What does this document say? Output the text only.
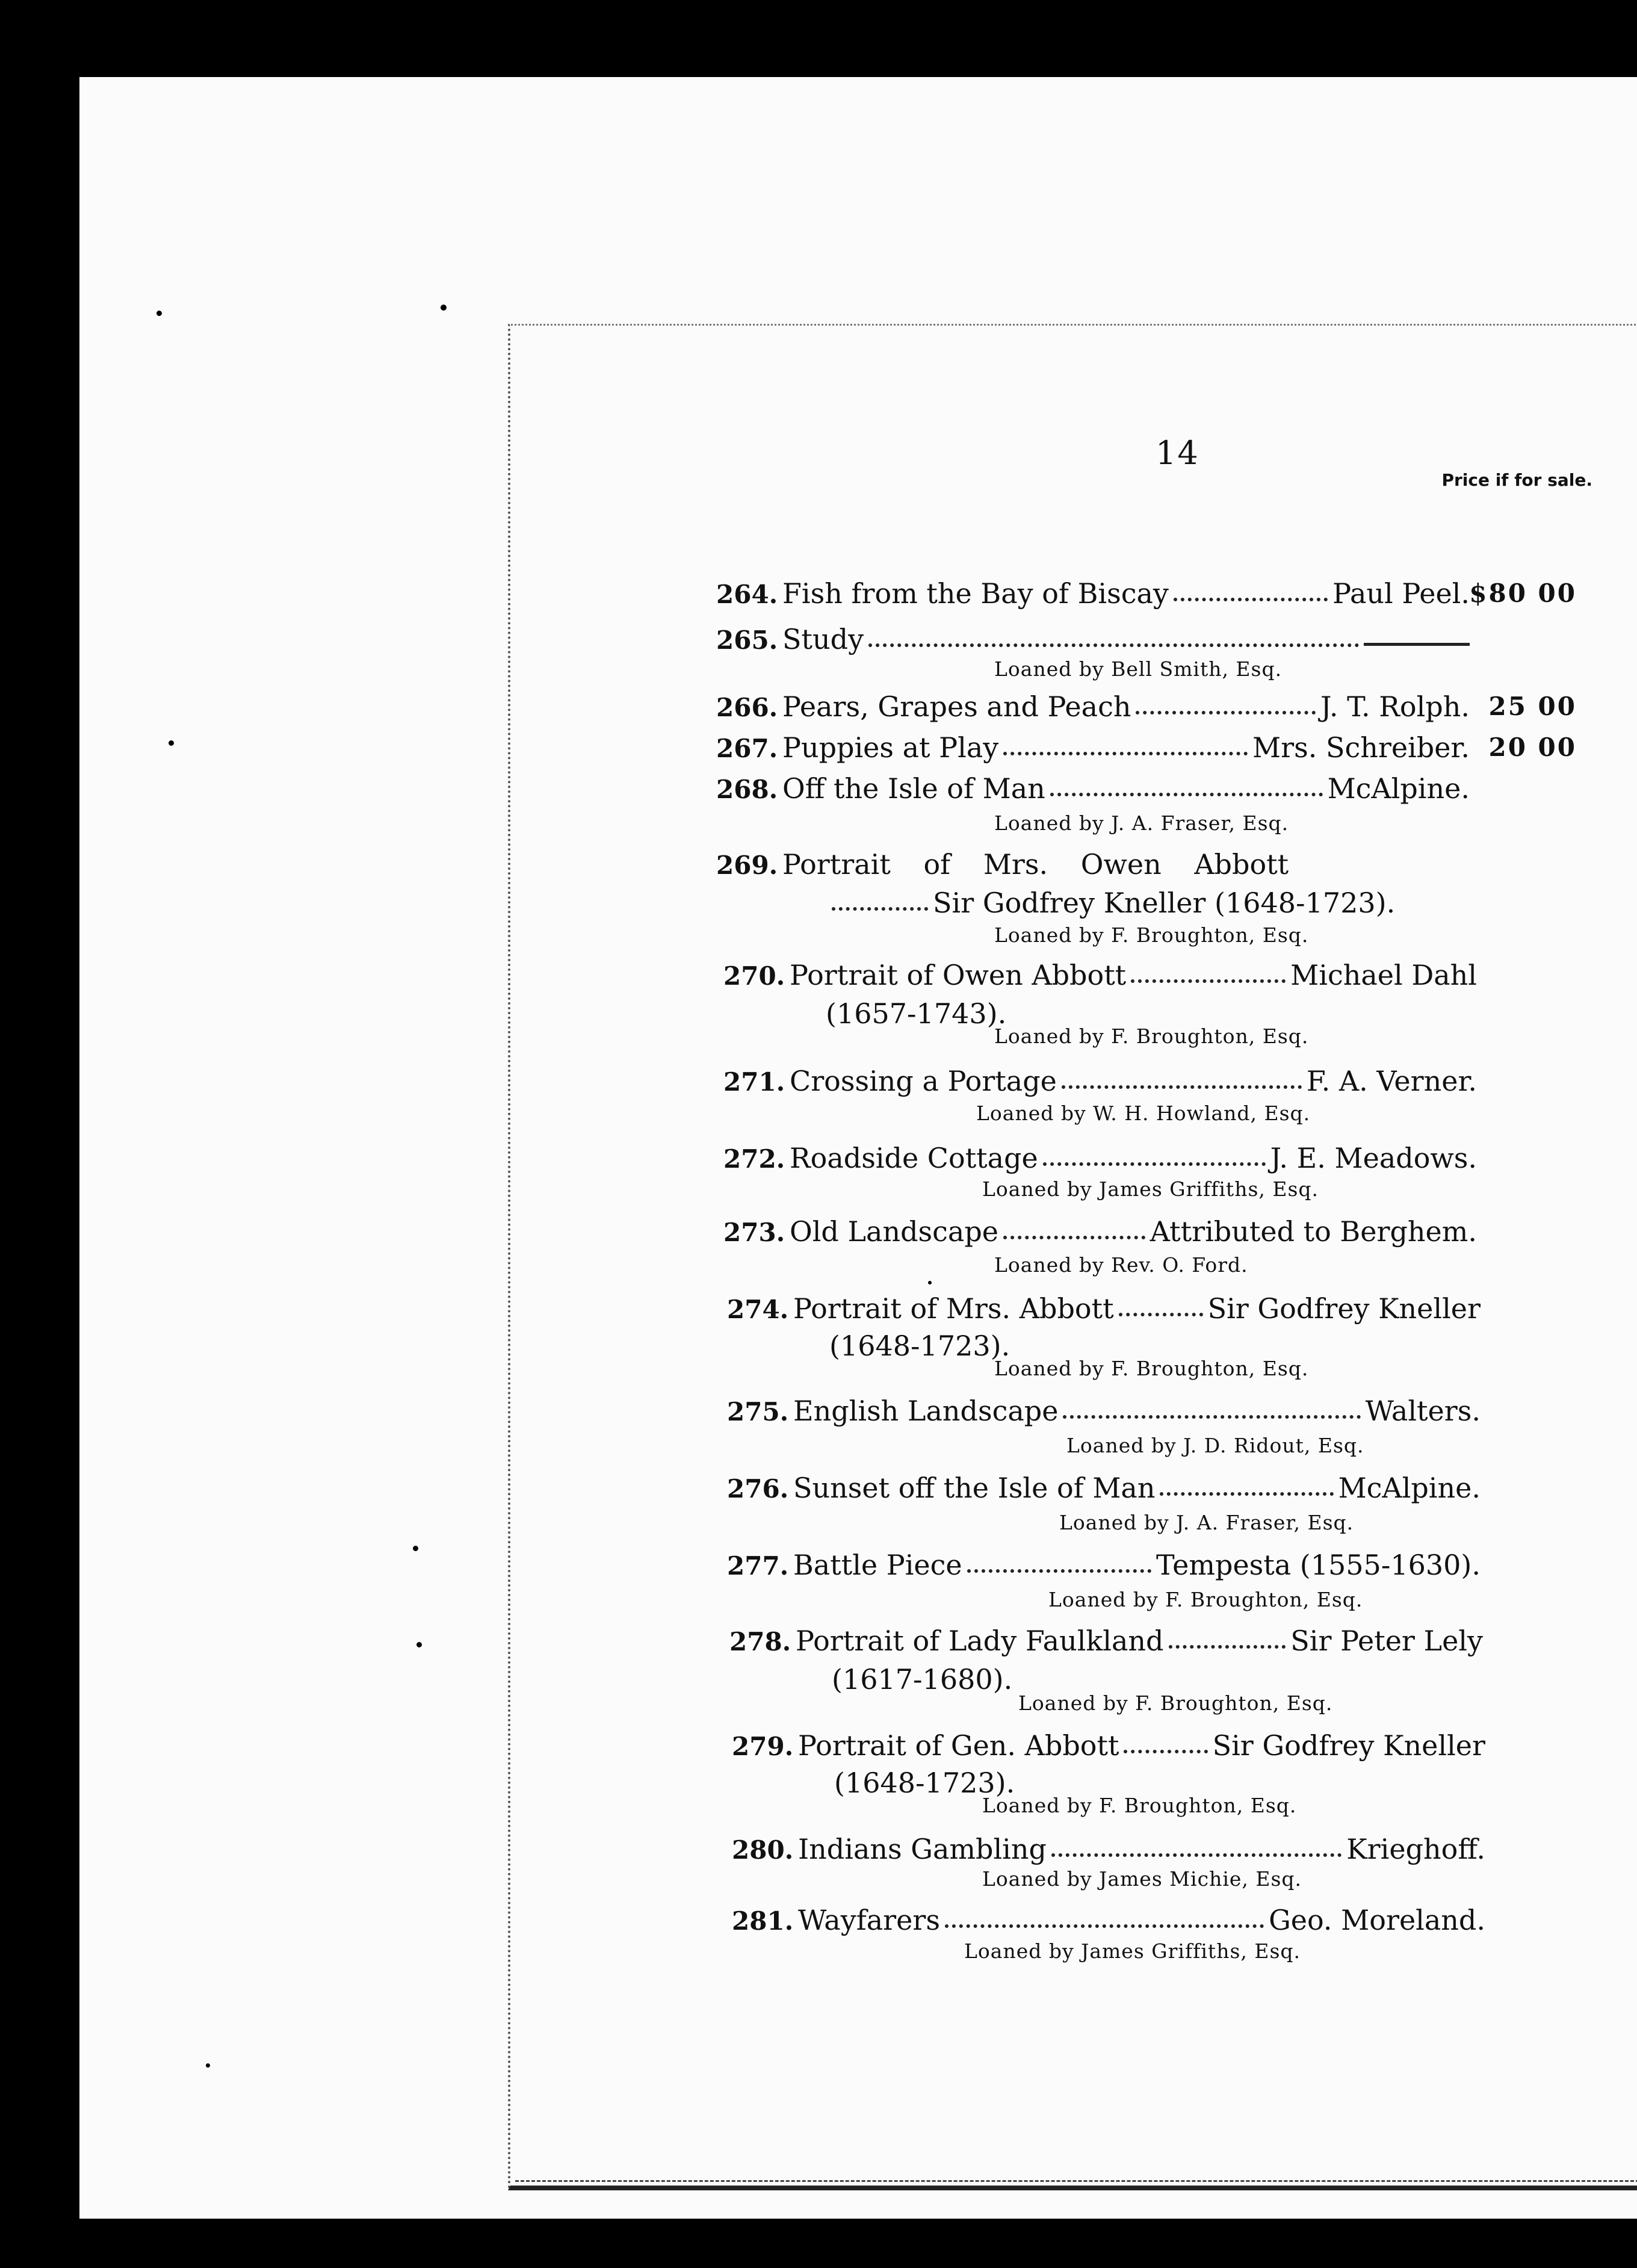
14
Price if for sale.
264. Fish from the Bay of Biscay	Paul Peel. $80 00
265. Study
Loaned by Bell Smith, Esq.
266. Pears, Grapes and Peach	J. T. Rolph. 25 00
267. Puppies at Play	Mrs. Schreiber. 20 00
268. Off the Isle of Man	McAlpine.
Loaned by J. A. Fraser, Esq.
269. Portrait of Mrs. Owen Abbott
Sir Godfrey Kneller (1648-1723).
Loaned by F. Broughton, Esq.
270. Portrait of Owen Abbott	Michael Dahl
(1657-1743).
Loaned by F. Broughton, Esq.
271. Crossing a Portage	F. A. Verner.
Loaned by W. H. Howland, Esq.
272. Roadside Cottage	J. E. Meadows.
Loaned by James Griffiths, Esq.
273. Old Landscape	Attributed to Berghem.
Loaned by Rev. O. Ford.
274. Portrait of Mrs. Abbott	Sir Godfrey Kneller
(1648-1723).
Loaned by F. Broughton, Esq.
275. English Landscape	Walters.
Loaned by J. D. Ridout, Esq.
276. Sunset off the Isle of Man	McAlpine.
Loaned by J. A. Fraser, Esq.
277. Battle Piece	Tempesta (1555-1630).
Loaned by F. Broughton, Esq.
278. Portrait of Lady Faulkland	Sir Peter Lely
(1617-1680).
Loaned by F. Broughton, Esq.
279. Portrait of Gen. Abbott	Sir Godfrey Kneller
(1648-1723).
Loaned by F. Broughton, Esq.
280. Indians Gambling	Krieghoff.
Loaned by James Michie, Esq.
281. Wayfarers	Geo. Moreland.
Loaned by James Griffiths, Esq.
